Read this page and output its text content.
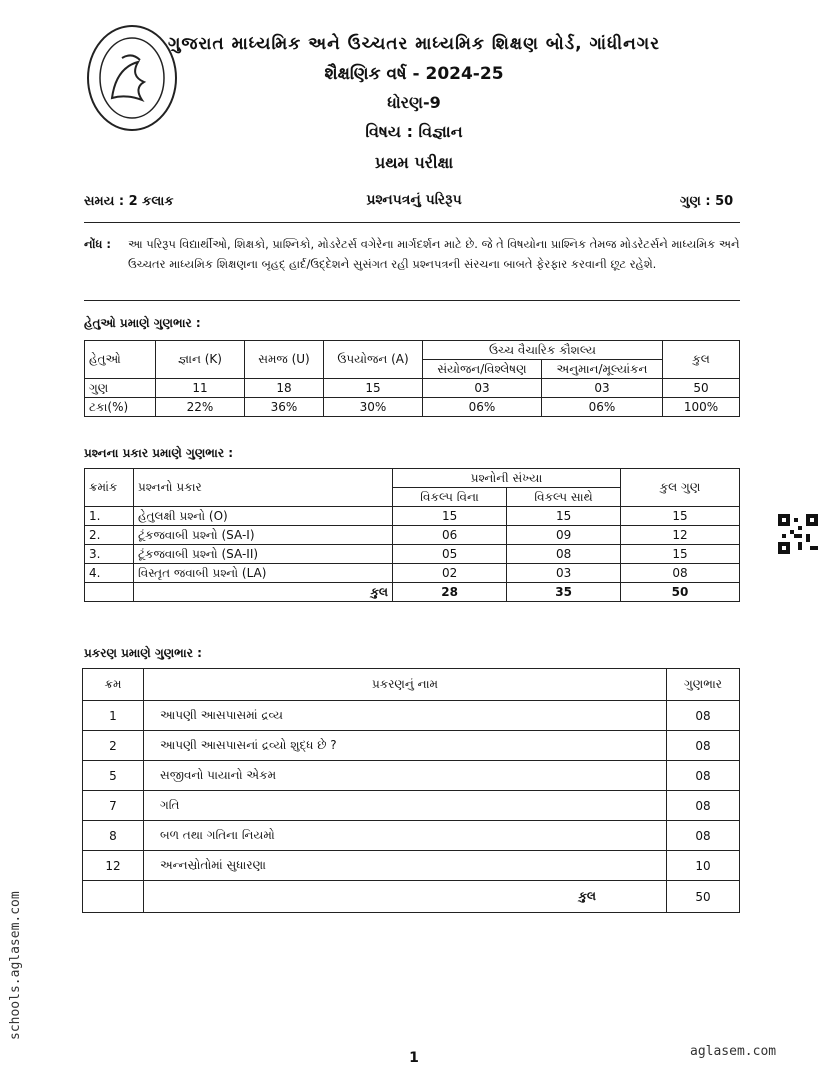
ગુજરાત માધ્યમિક અને ઉચ્ચતર માધ્યમિક શિક્ષણ બોર્ડ, ગાંધીનગર
શૈક્ષણિક વર્ષ - 2024-25
ધોરણ-9
વિષય : વિજ્ઞાન
પ્રથમ પરીક્ષા
સમય : 2 કલાક	પ્રશ્નપત્રનું પરિરૂપ	ગુણ : 50
નોંધ : આ પરિરૂપ વિદ્યાર્થીઓ, શિક્ષકો, પ્રાશ્નિકો, મોડરેટર્સ વગેરેના માર્ગદર્શન માટે છે. જે તે વિષયોના પ્રાશ્નિક તેમજ મોડરેટર્સને માધ્યમિક અને ઉચ્ચતર માધ્યમિક શિક્ષણના બૃહદ્ હાર્દ/ઉદ્દેશને સુસંગત રહી પ્રશ્નપત્રની સંરચના બાબતે ફેરફાર કરવાની છૂટ રહેશે.
હેતુઓ પ્રમાણે ગુણભાર :
હેતુઓ	જ્ઞાન (K)	સમજ (U)	ઉપયોજન (A)	ઉચ્ચ વૈચારિક કૌશલ્ય		કુલ
				સંયોજન/વિશ્લેષણ	અનુમાન/મૂલ્યાંકન	
ગુણ	11	18	15	03	03	50
ટકા(%)	22%	36%	30%	06%	06%	100%
પ્રશ્નના પ્રકાર પ્રમાણે ગુણભાર :
ક્રમાંક	પ્રશ્નનો પ્રકાર	પ્રશ્નોની સંખ્યા		કુલ ગુણ
		વિકલ્પ વિના	વિકલ્પ સાથે	
1.	હેતુલક્ષી પ્રશ્નો (O)	15	15	15
2.	ટૂંકજવાબી પ્રશ્નો (SA-I)	06	09	12
3.	ટૂંકજવાબી પ્રશ્નો (SA-II)	05	08	15
4.	વિસ્તૃત જવાબી પ્રશ્નો (LA)	02	03	08
	કુલ	28	35	50
પ્રકરણ પ્રમાણે ગુણભાર :
ક્રમ	પ્રકરણનું નામ	ગુણભાર
1	આપણી આસપાસમાં દ્રવ્ય	08
2	આપણી આસપાસનાં દ્રવ્યો શુદ્ધ છે ?	08
5	સજીવનો પાયાનો એકમ	08
7	ગતિ	08
8	બળ તથા ગતિના નિયમો	08
12	અન્નસ્રોતોમાં સુધારણા	10
	કુલ	50
schools.aglasem.com
1	aglasem.com
